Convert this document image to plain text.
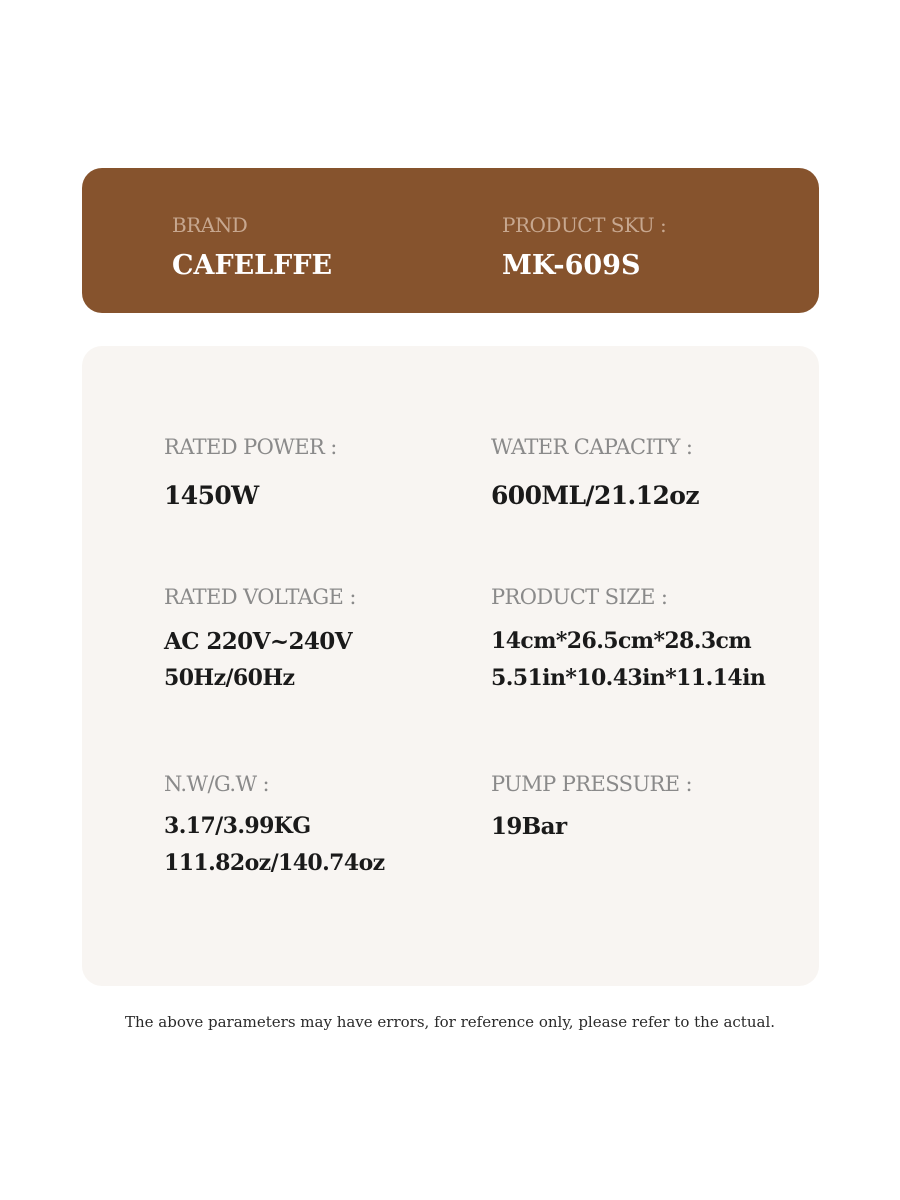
BRAND
CAFELFFE
PRODUCT SKU :
MK-609S
RATED POWER :
1450W
WATER CAPACITY :
600ML/21.12oz
RATED VOLTAGE :
AC 220V~240V
50Hz/60Hz
PRODUCT SIZE :
14cm*26.5cm*28.3cm
5.51in*10.43in*11.14in
N.W/G.W :
3.17/3.99KG
111.82oz/140.74oz
PUMP PRESSURE :
19Bar
The above parameters may have errors, for reference only, please refer to the actual.
